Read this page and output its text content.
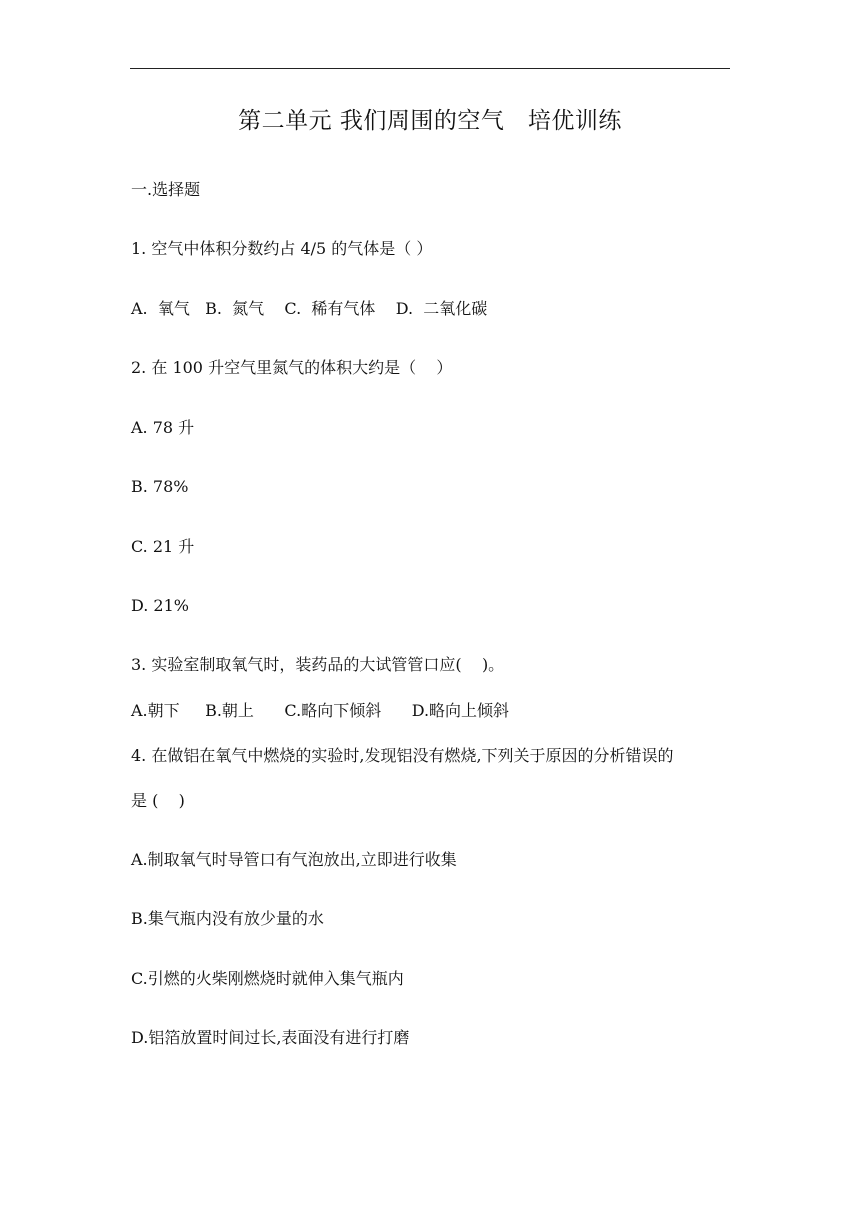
第二单元 我们周围的空气   培优训练
一.选择题
1. 空气中体积分数约占 4/5 的气体是（ ）
A.  氧气   B.  氮气    C.  稀有气体    D.  二氧化碳
2. 在 100 升空气里氮气的体积大约是（    ）
A. 78 升
B. 78%
C. 21 升
D. 21%
3. 实验室制取氧气时，装药品的大试管管口应(    )。
A.朝下     B.朝上      C.略向下倾斜      D.略向上倾斜
4. 在做铝在氧气中燃烧的实验时,发现铝没有燃烧,下列关于原因的分析错误的
是 (    )
A.制取氧气时导管口有气泡放出,立即进行收集
B.集气瓶内没有放少量的水
C.引燃的火柴刚燃烧时就伸入集气瓶内
D.铝箔放置时间过长,表面没有进行打磨
